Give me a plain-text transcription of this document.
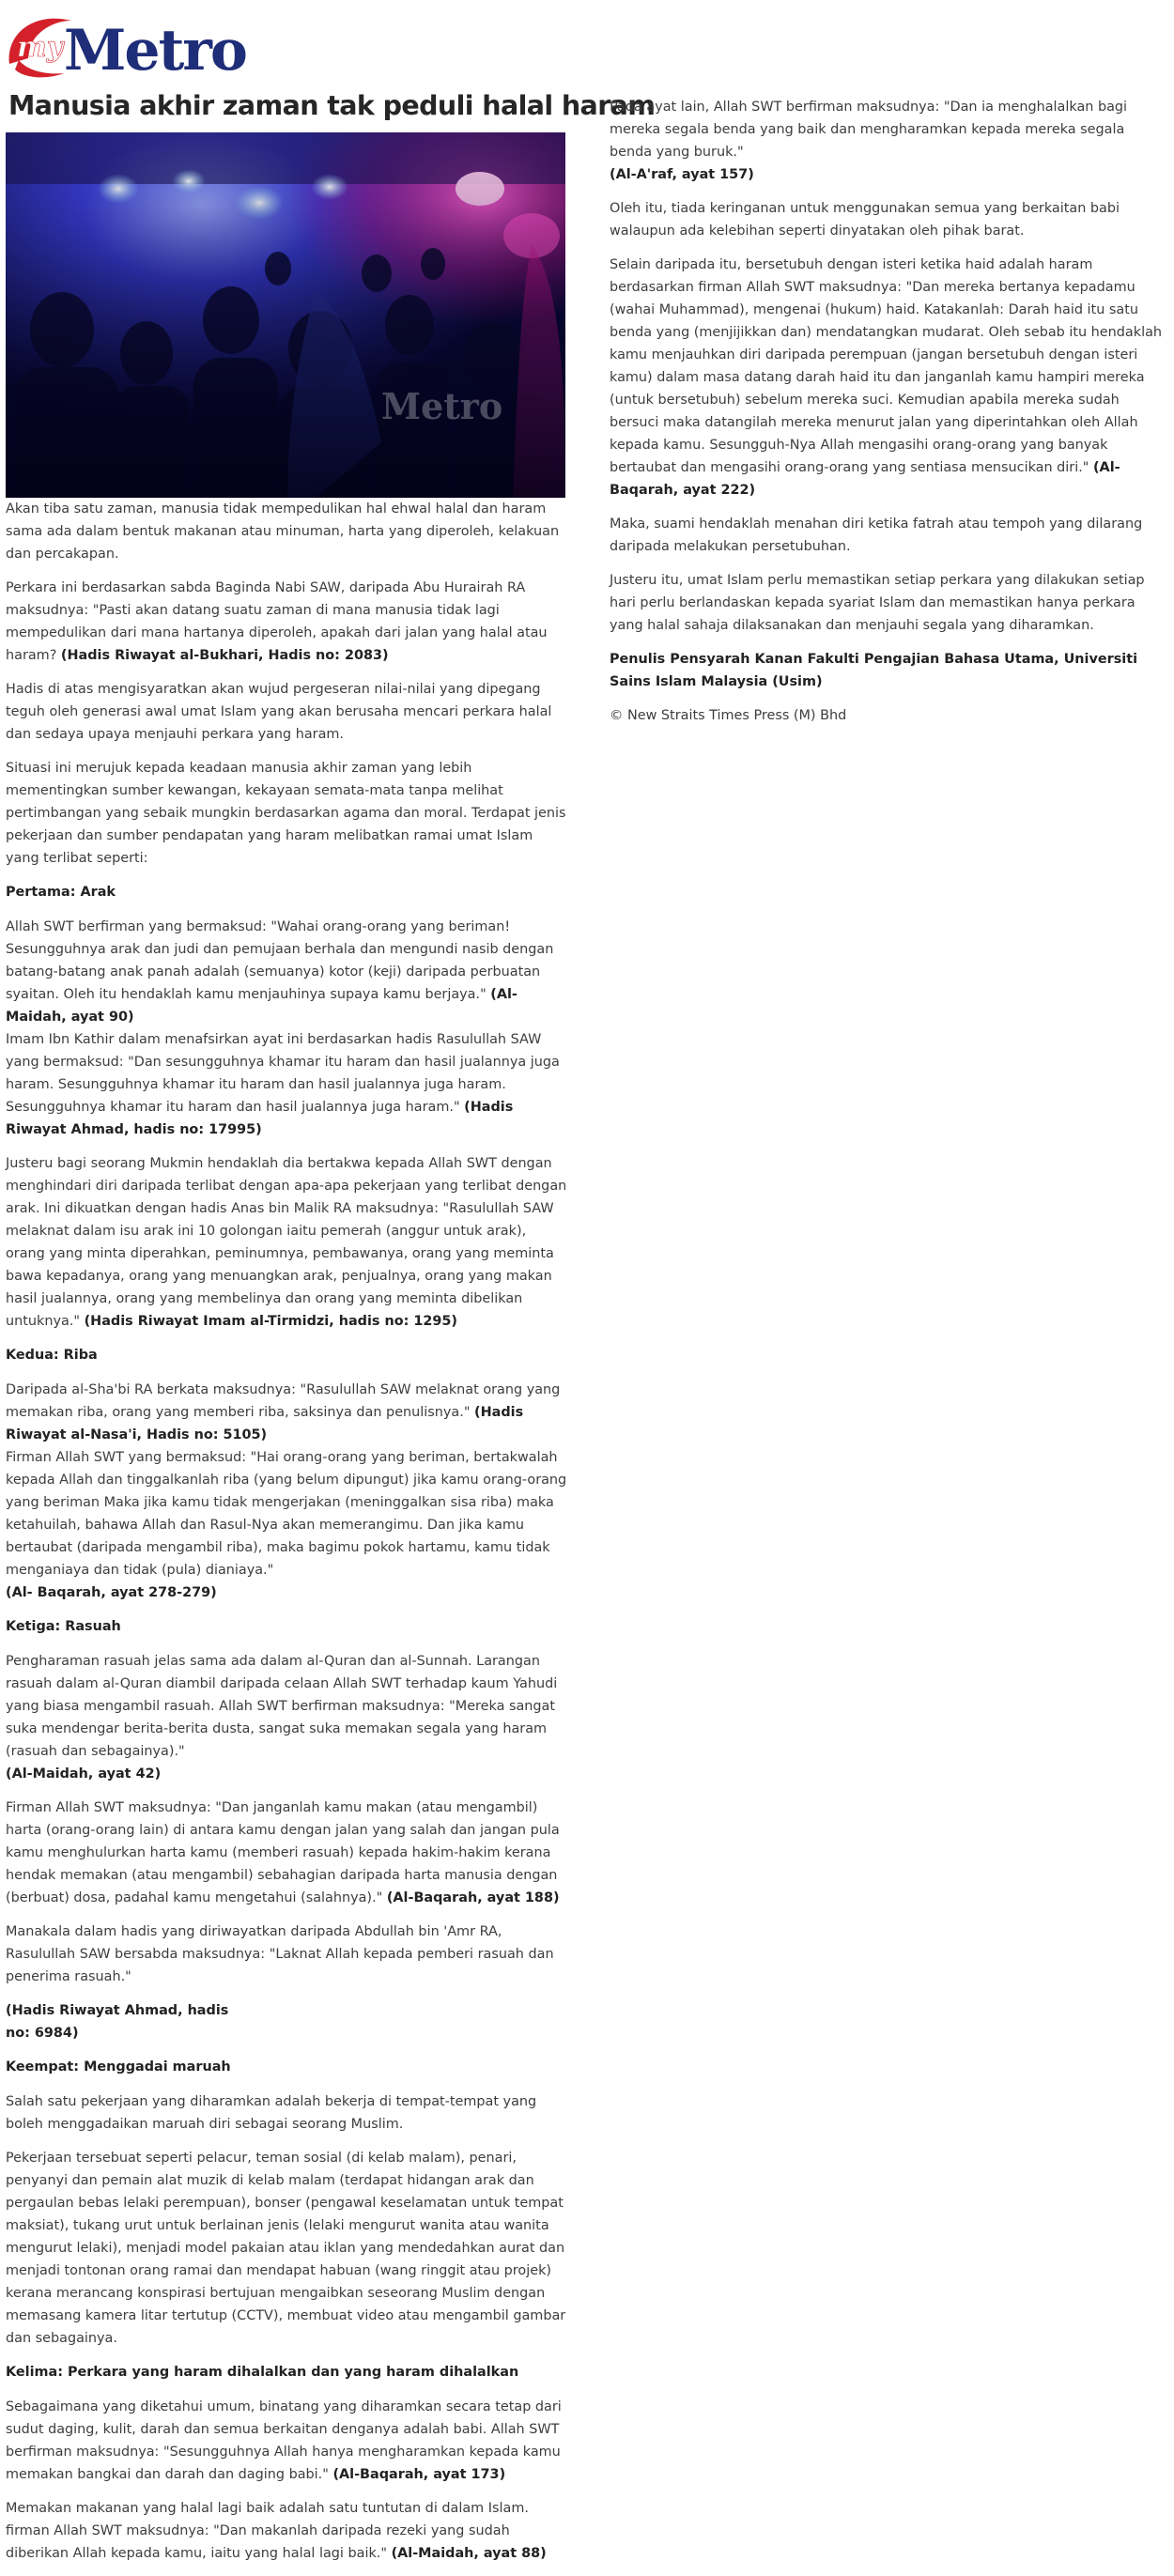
my Metro
Manusia akhir zaman tak peduli halal haram
Metro

Akan tiba satu zaman, manusia tidak mempedulikan hal ehwal halal dan haram sama ada dalam bentuk makanan atau minuman, harta yang diperoleh, kelakuan dan percakapan.

Perkara ini berdasarkan sabda Baginda Nabi SAW, daripada Abu Hurairah RA maksudnya: "Pasti akan datang suatu zaman di mana manusia tidak lagi mempedulikan dari mana hartanya diperoleh, apakah dari jalan yang halal atau haram? (Hadis Riwayat al-Bukhari, Hadis no: 2083)

Hadis di atas mengisyaratkan akan wujud pergeseran nilai-nilai yang dipegang teguh oleh generasi awal umat Islam yang akan berusaha mencari perkara halal dan sedaya upaya menjauhi perkara yang haram.

Situasi ini merujuk kepada keadaan manusia akhir zaman yang lebih mementingkan sumber kewangan, kekayaan semata-mata tanpa melihat pertimbangan yang sebaik mungkin berdasarkan agama dan moral. Terdapat jenis pekerjaan dan sumber pendapatan yang haram melibatkan ramai umat Islam yang terlibat seperti:

Pertama: Arak

Allah SWT berfirman yang bermaksud: "Wahai orang-orang yang beriman! Sesungguhnya arak dan judi dan pemujaan berhala dan mengundi nasib dengan batang-batang anak panah adalah (semuanya) kotor (keji) daripada perbuatan syaitan. Oleh itu hendaklah kamu menjauhinya supaya kamu berjaya." (Al-Maidah, ayat 90)

Imam Ibn Kathir dalam menafsirkan ayat ini berdasarkan hadis Rasulullah SAW yang bermaksud: "Dan sesungguhnya khamar itu haram dan hasil jualannya juga haram. Sesungguhnya khamar itu haram dan hasil jualannya juga haram. Sesungguhnya khamar itu haram dan hasil jualannya juga haram." (Hadis Riwayat Ahmad, hadis no: 17995)

Justeru bagi seorang Mukmin hendaklah dia bertakwa kepada Allah SWT dengan menghindari diri daripada terlibat dengan apa-apa pekerjaan yang terlibat dengan arak. Ini dikuatkan dengan hadis Anas bin Malik RA maksudnya: "Rasulullah SAW melaknat dalam isu arak ini 10 golongan iaitu pemerah (anggur untuk arak), orang yang minta diperahkan, peminumnya, pembawanya, orang yang meminta bawa kepadanya, orang yang menuangkan arak, penjualnya, orang yang makan hasil jualannya, orang yang membelinya dan orang yang meminta dibelikan untuknya." (Hadis Riwayat Imam al-Tirmidzi, hadis no: 1295)

Kedua: Riba

Daripada al-Sha'bi RA berkata maksudnya: "Rasulullah SAW melaknat orang yang memakan riba, orang yang memberi riba, saksinya dan penulisnya." (Hadis Riwayat al-Nasa'i, Hadis no: 5105)

Firman Allah SWT yang bermaksud: "Hai orang-orang yang beriman, bertakwalah kepada Allah dan tinggalkanlah riba (yang belum dipungut) jika kamu orang-orang yang beriman Maka jika kamu tidak mengerjakan (meninggalkan sisa riba) maka ketahuilah, bahawa Allah dan Rasul-Nya akan memerangimu. Dan jika kamu bertaubat (daripada mengambil riba), maka bagimu pokok hartamu, kamu tidak menganiaya dan tidak (pula) dianiaya."
(Al- Baqarah, ayat 278-279)

Ketiga: Rasuah

Pengharaman rasuah jelas sama ada dalam al-Quran dan al-Sunnah. Larangan rasuah dalam al-Quran diambil daripada celaan Allah SWT terhadap kaum Yahudi yang biasa mengambil rasuah. Allah SWT berfirman maksudnya: "Mereka sangat suka mendengar berita-berita dusta, sangat suka memakan segala yang haram (rasuah dan sebagainya)."
(Al-Maidah, ayat 42)

Firman Allah SWT maksudnya: "Dan janganlah kamu makan (atau mengambil) harta (orang-orang lain) di antara kamu dengan jalan yang salah dan jangan pula kamu menghulurkan harta kamu (memberi rasuah) kepada hakim-hakim kerana hendak memakan (atau mengambil) sebahagian daripada harta manusia dengan (berbuat) dosa, padahal kamu mengetahui (salahnya)." (Al-Baqarah, ayat 188)

Manakala dalam hadis yang diriwayatkan daripada Abdullah bin 'Amr RA, Rasulullah SAW bersabda maksudnya: "Laknat Allah kepada pemberi rasuah dan penerima rasuah."

(Hadis Riwayat Ahmad, hadis
no: 6984)

Keempat: Menggadai maruah

Salah satu pekerjaan yang diharamkan adalah bekerja di tempat-tempat yang boleh menggadaikan maruah diri sebagai seorang Muslim.

Pekerjaan tersebuat seperti pelacur, teman sosial (di kelab malam), penari, penyanyi dan pemain alat muzik di kelab malam (terdapat hidangan arak dan pergaulan bebas lelaki perempuan), bonser (pengawal keselamatan untuk tempat maksiat), tukang urut untuk berlainan jenis (lelaki mengurut wanita atau wanita mengurut lelaki), menjadi model pakaian atau iklan yang mendedahkan aurat dan menjadi tontonan orang ramai dan mendapat habuan (wang ringgit atau projek) kerana merancang konspirasi bertujuan mengaibkan seseorang Muslim dengan memasang kamera litar tertutup (CCTV), membuat video atau mengambil gambar dan sebagainya.

Kelima: Perkara yang haram dihalalkan dan yang haram dihalalkan

Sebagaimana yang diketahui umum, binatang yang diharamkan secara tetap dari sudut daging, kulit, darah dan semua berkaitan denganya adalah babi. Allah SWT berfirman maksudnya: "Sesungguhnya Allah hanya mengharamkan kepada kamu memakan bangkai dan darah dan daging babi." (Al-Baqarah, ayat 173)

Memakan makanan yang halal lagi baik adalah satu tuntutan di dalam Islam. firman Allah SWT maksudnya: "Dan makanlah daripada rezeki yang sudah diberikan Allah kepada kamu, iaitu yang halal lagi baik." (Al-Maidah, ayat 88)

Pada ayat lain, Allah SWT berfirman maksudnya: "Dan ia menghalalkan bagi mereka segala benda yang baik dan mengharamkan kepada mereka segala benda yang buruk."
(Al-A'raf, ayat 157)

Oleh itu, tiada keringanan untuk menggunakan semua yang berkaitan babi walaupun ada kelebihan seperti dinyatakan oleh pihak barat.

Selain daripada itu, bersetubuh dengan isteri ketika haid adalah haram berdasarkan firman Allah SWT maksudnya: "Dan mereka bertanya kepadamu (wahai Muhammad), mengenai (hukum) haid. Katakanlah: Darah haid itu satu benda yang (menjijikkan dan) mendatangkan mudarat. Oleh sebab itu hendaklah kamu menjauhkan diri daripada perempuan (jangan bersetubuh dengan isteri kamu) dalam masa datang darah haid itu dan janganlah kamu hampiri mereka (untuk bersetubuh) sebelum mereka suci. Kemudian apabila mereka sudah bersuci maka datangilah mereka menurut jalan yang diperintahkan oleh Allah kepada kamu. Sesungguh-Nya Allah mengasihi orang-orang yang banyak bertaubat dan mengasihi orang-orang yang sentiasa mensucikan diri." (Al-Baqarah, ayat 222)

Maka, suami hendaklah menahan diri ketika fatrah atau tempoh yang dilarang daripada melakukan persetubuhan.

Justeru itu, umat Islam perlu memastikan setiap perkara yang dilakukan setiap hari perlu berlandaskan kepada syariat Islam dan memastikan hanya perkara yang halal sahaja dilaksanakan dan menjauhi segala yang diharamkan.

Penulis Pensyarah Kanan Fakulti Pengajian Bahasa Utama, Universiti Sains Islam Malaysia (Usim)

© New Straits Times Press (M) Bhd
